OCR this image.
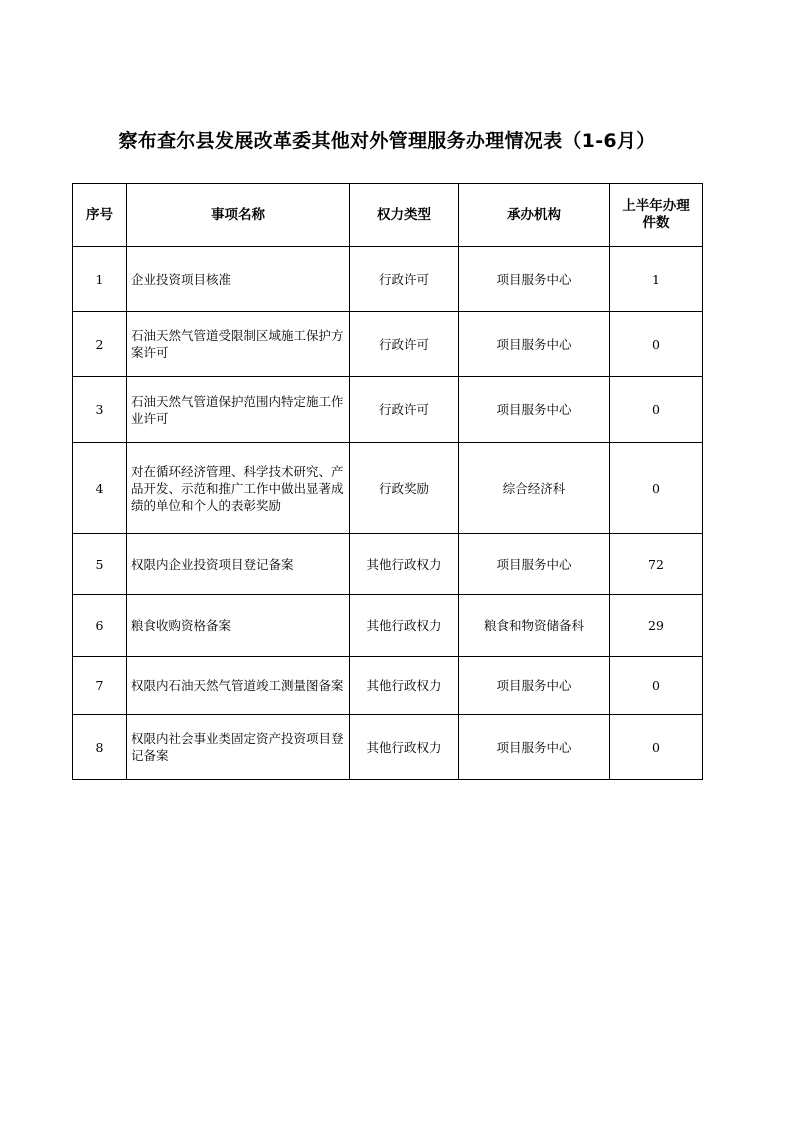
察布查尔县发展改革委其他对外管理服务办理情况表（1-6月）
序号	事项名称	权力类型	承办机构	上半年办理件数
1	企业投资项目核准	行政许可	项目服务中心	1
2	石油天然气管道受限制区域施工保护方案许可	行政许可	项目服务中心	0
3	石油天然气管道保护范围内特定施工作业许可	行政许可	项目服务中心	0
4	对在循环经济管理、科学技术研究、产品开发、示范和推广工作中做出显著成绩的单位和个人的表彰奖励	行政奖励	综合经济科	0
5	权限内企业投资项目登记备案	其他行政权力	项目服务中心	72
6	粮食收购资格备案	其他行政权力	粮食和物资储备科	29
7	权限内石油天然气管道竣工测量图备案	其他行政权力	项目服务中心	0
8	权限内社会事业类固定资产投资项目登记备案	其他行政权力	项目服务中心	0
